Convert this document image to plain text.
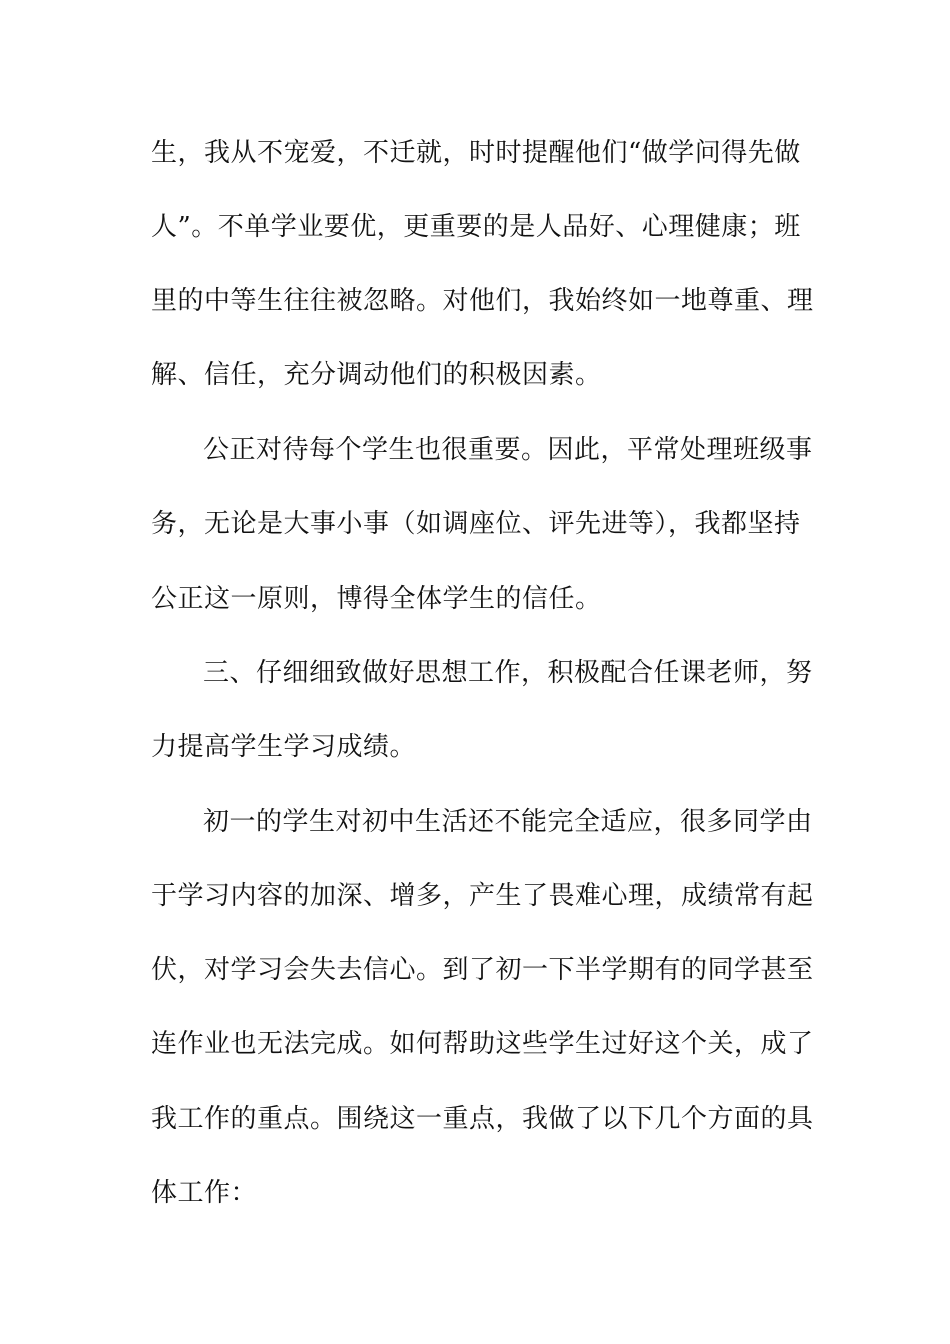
生，我从不宠爱，不迁就，时时提醒他们“做学问得先做
人”。不单学业要优，更重要的是人品好、心理健康；班
里的中等生往往被忽略。对他们，我始终如一地尊重、理
解、信任，充分调动他们的积极因素。
公正对待每个学生也很重要。因此，平常处理班级事
务，无论是大事小事（如调座位、评先进等），我都坚持
公正这一原则，博得全体学生的信任。
三、仔细细致做好思想工作，积极配合任课老师，努
力提高学生学习成绩。
初一的学生对初中生活还不能完全适应，很多同学由
于学习内容的加深、增多，产生了畏难心理，成绩常有起
伏，对学习会失去信心。到了初一下半学期有的同学甚至
连作业也无法完成。如何帮助这些学生过好这个关，成了
我工作的重点。围绕这一重点，我做了以下几个方面的具
体工作：
